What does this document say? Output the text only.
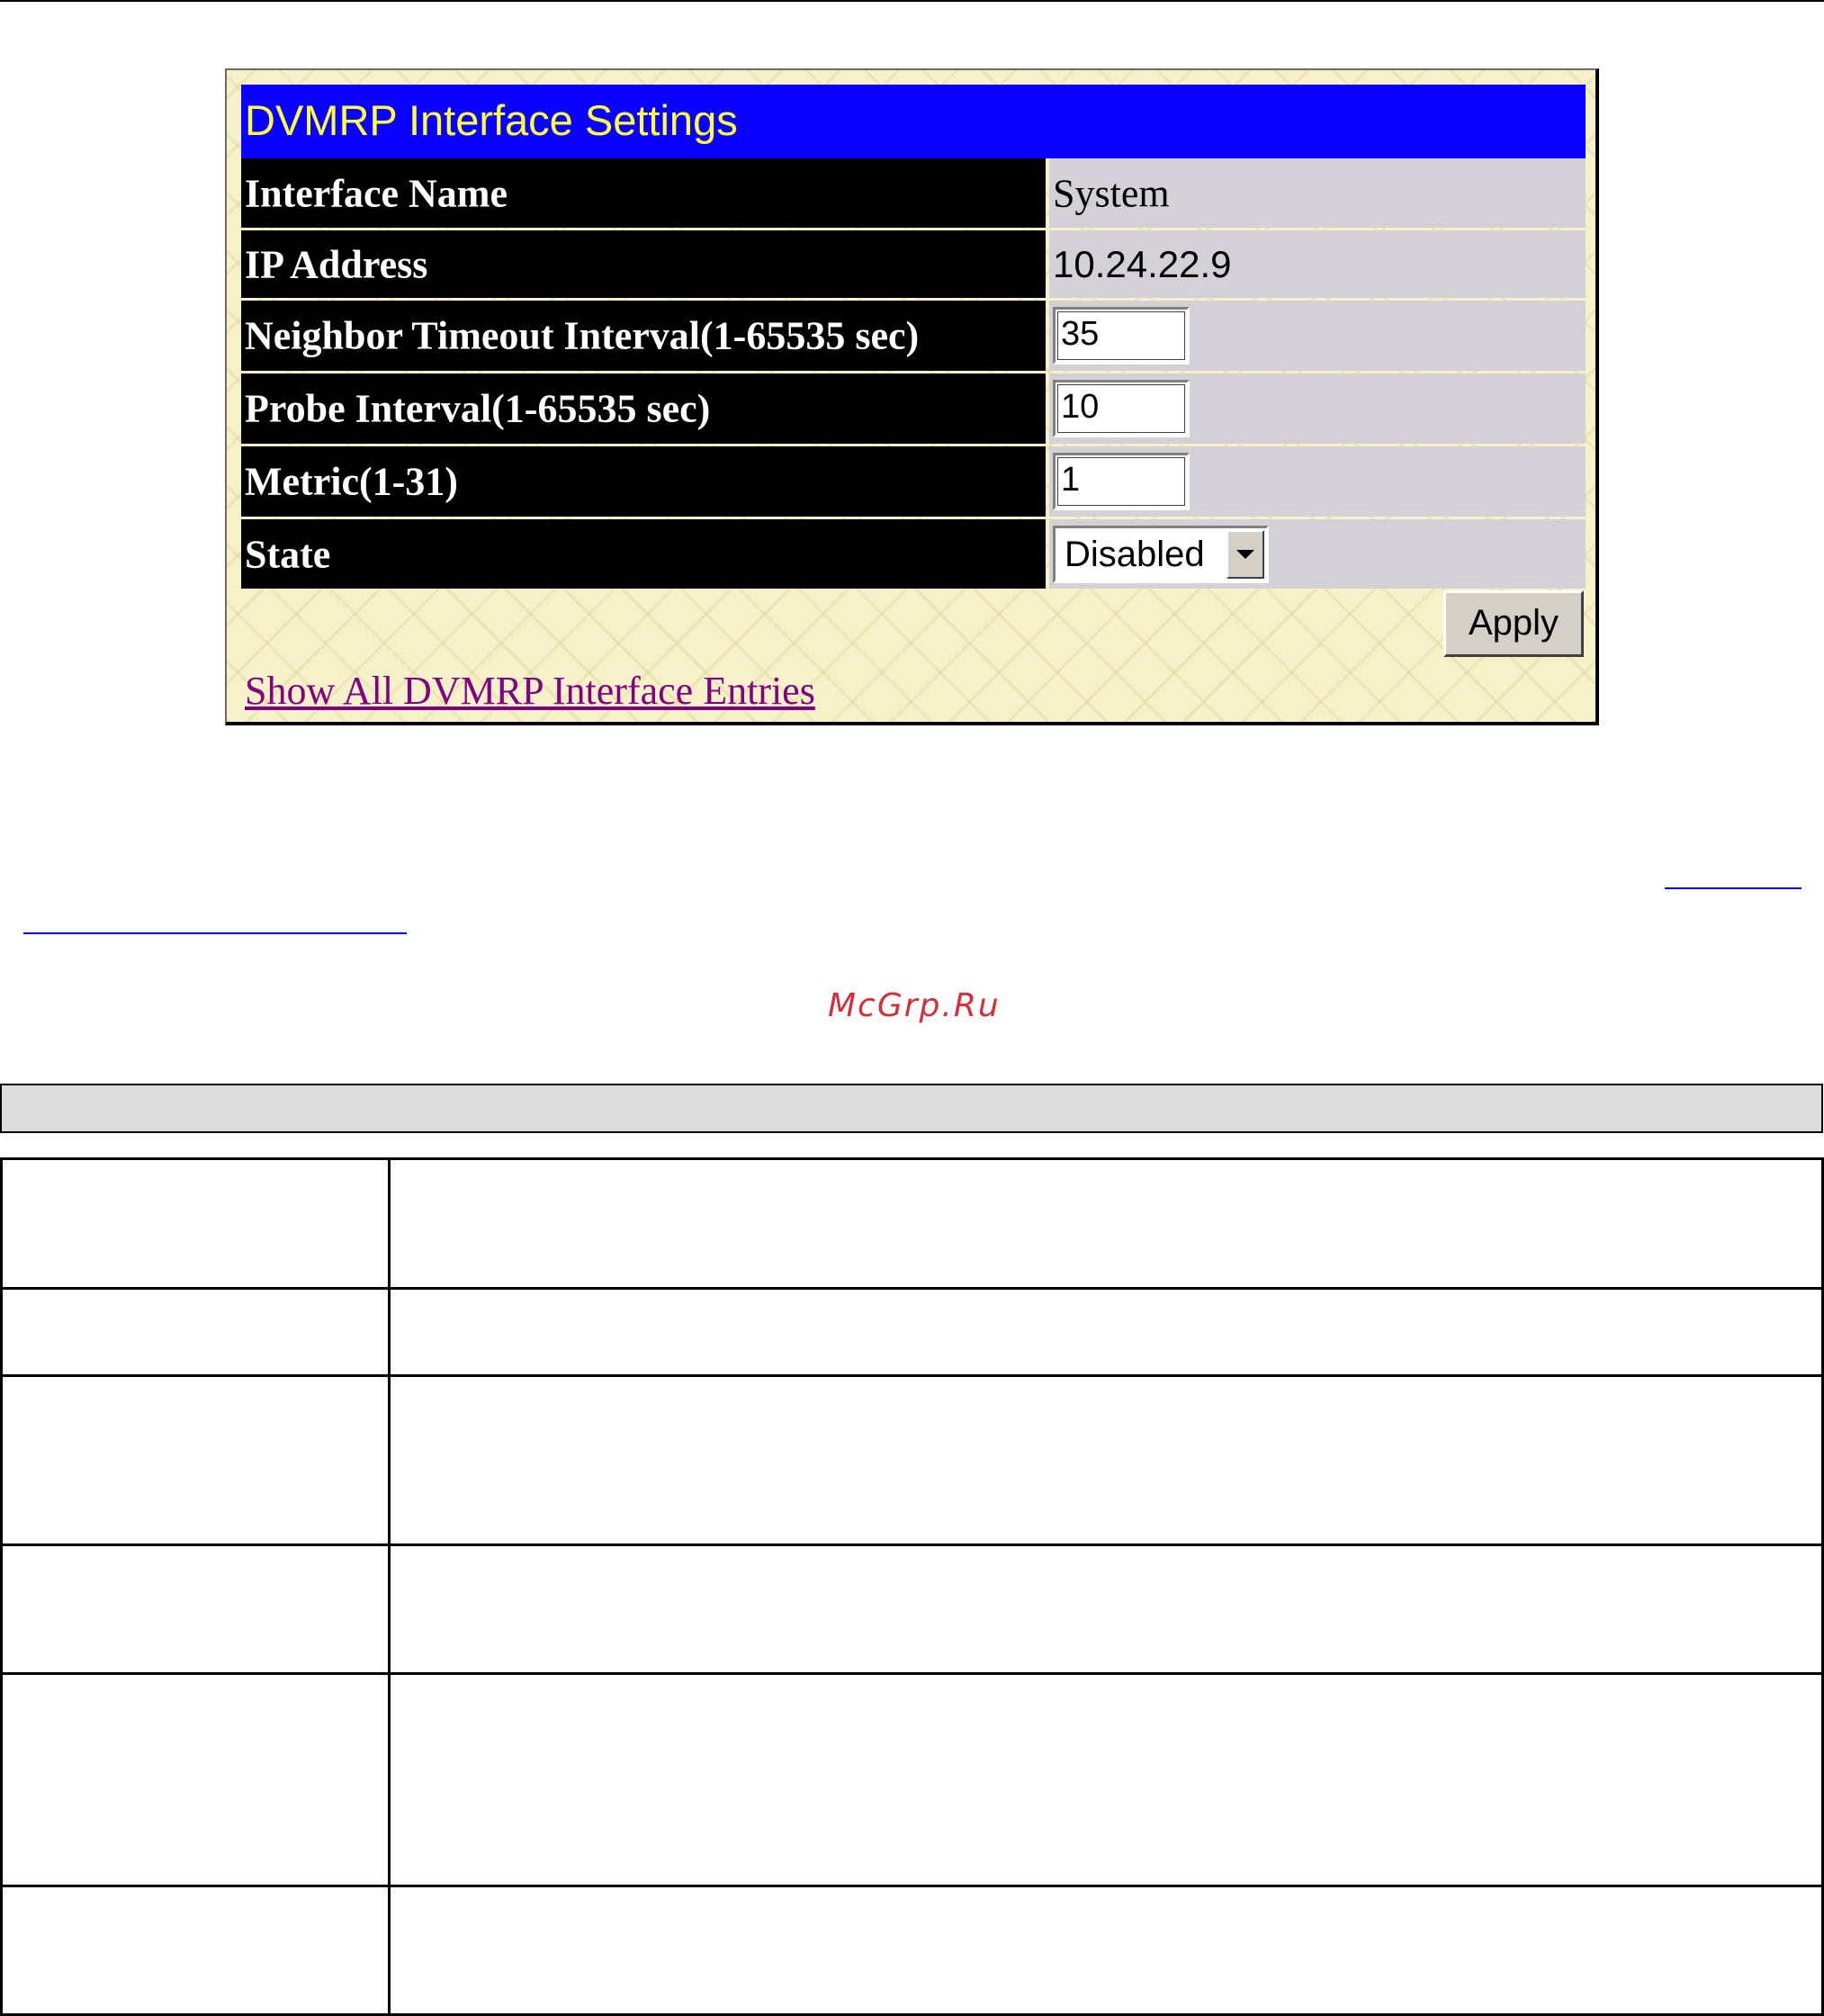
DVMRP Interface Settings
Interface Name	System
IP Address	10.24.22.9
Neighbor Timeout Interval(1-65535 sec)	35
Probe Interval(1-65535 sec)	10
Metric(1-31)	1
State	Disabled
Apply
Show All DVMRP Interface Entries
McGrp.Ru
